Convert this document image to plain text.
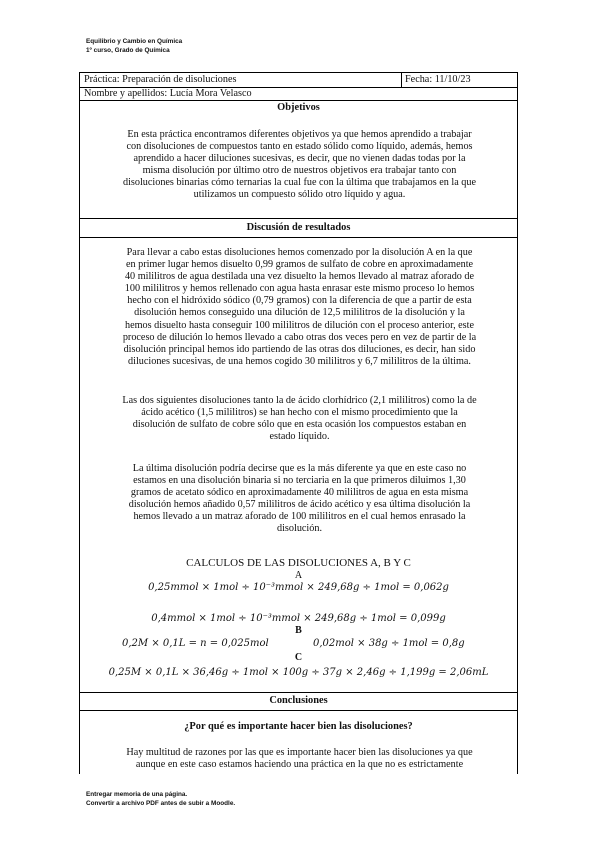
Equilibrio y Cambio en Química
1º curso, Grado de Química
Práctica: Preparación de disoluciones	Fecha: 11/10/23
Nombre y apellidos: Lucía Mora Velasco
Objetivos
En esta práctica encontramos diferentes objetivos ya que hemos aprendido a trabajar
con disoluciones de compuestos tanto en estado sólido como líquido, además, hemos
aprendido a hacer diluciones sucesivas, es decir, que no vienen dadas todas por la
misma disolución por último otro de nuestros objetivos era trabajar tanto con
disoluciones binarias cómo ternarias la cual fue con la última que trabajamos en la que
utilizamos un compuesto sólido otro líquido y agua.
Discusión de resultados
Para llevar a cabo estas disoluciones hemos comenzado por la disolución A en la que
en primer lugar hemos disuelto 0,99 gramos de sulfato de cobre en aproximadamente
40 mililitros de agua destilada una vez disuelto la hemos llevado al matraz aforado de
100 mililitros y hemos rellenado con agua hasta enrasar este mismo proceso lo hemos
hecho con el hidróxido sódico (0,79 gramos) con la diferencia de que a partir de esta
disolución hemos conseguido una dilución de 12,5 mililitros de la disolución y la
hemos disuelto hasta conseguir 100 mililitros de dilución con el proceso anterior, este
proceso de dilución lo hemos llevado a cabo otras dos veces pero en vez de partir de la
disolución principal hemos ido partiendo de las otras dos diluciones, es decir, han sido
diluciones sucesivas, de una hemos cogido 30 mililitros y 6,7 mililitros de la última.
Las dos siguientes disoluciones tanto la de ácido clorhídrico (2,1 mililitros) como la de
ácido acético (1,5 mililitros) se han hecho con el mismo procedimiento que la
disolución de sulfato de cobre sólo que en esta ocasión los compuestos estaban en
estado líquido.
La última disolución podría decirse que es la más diferente ya que en este caso no
estamos en una disolución binaria si no terciaria en la que primeros diluimos 1,30
gramos de acetato sódico en aproximadamente 40 mililitros de agua en esta misma
disolución hemos añadido 0,57 mililitros de ácido acético y esa última disolución la
hemos llevado a un matraz aforado de 100 mililitros en el cual hemos enrasado la
disolución.
CALCULOS DE LAS DISOLUCIONES A, B Y C
A
0,25mmol × 1mol ÷ 10⁻³mmol × 249,68g ÷ 1mol = 0,062g
0,4mmol × 1mol ÷ 10⁻³mmol × 249,68g ÷ 1mol = 0,099g
B
0,2M × 0,1L = n = 0,025mol	0,02mol × 38g ÷ 1mol = 0,8g
C
0,25M × 0,1L × 36,46g ÷ 1mol × 100g ÷ 37g × 2,46g ÷ 1,199g = 2,06mL
Conclusiones
¿Por qué es importante hacer bien las disoluciones?
Hay multitud de razones por las que es importante hacer bien las disoluciones ya que
aunque en este caso estamos haciendo una práctica en la que no es estrictamente
Entregar memoria de una página.
Convertir a archivo PDF antes de subir a Moodle.
